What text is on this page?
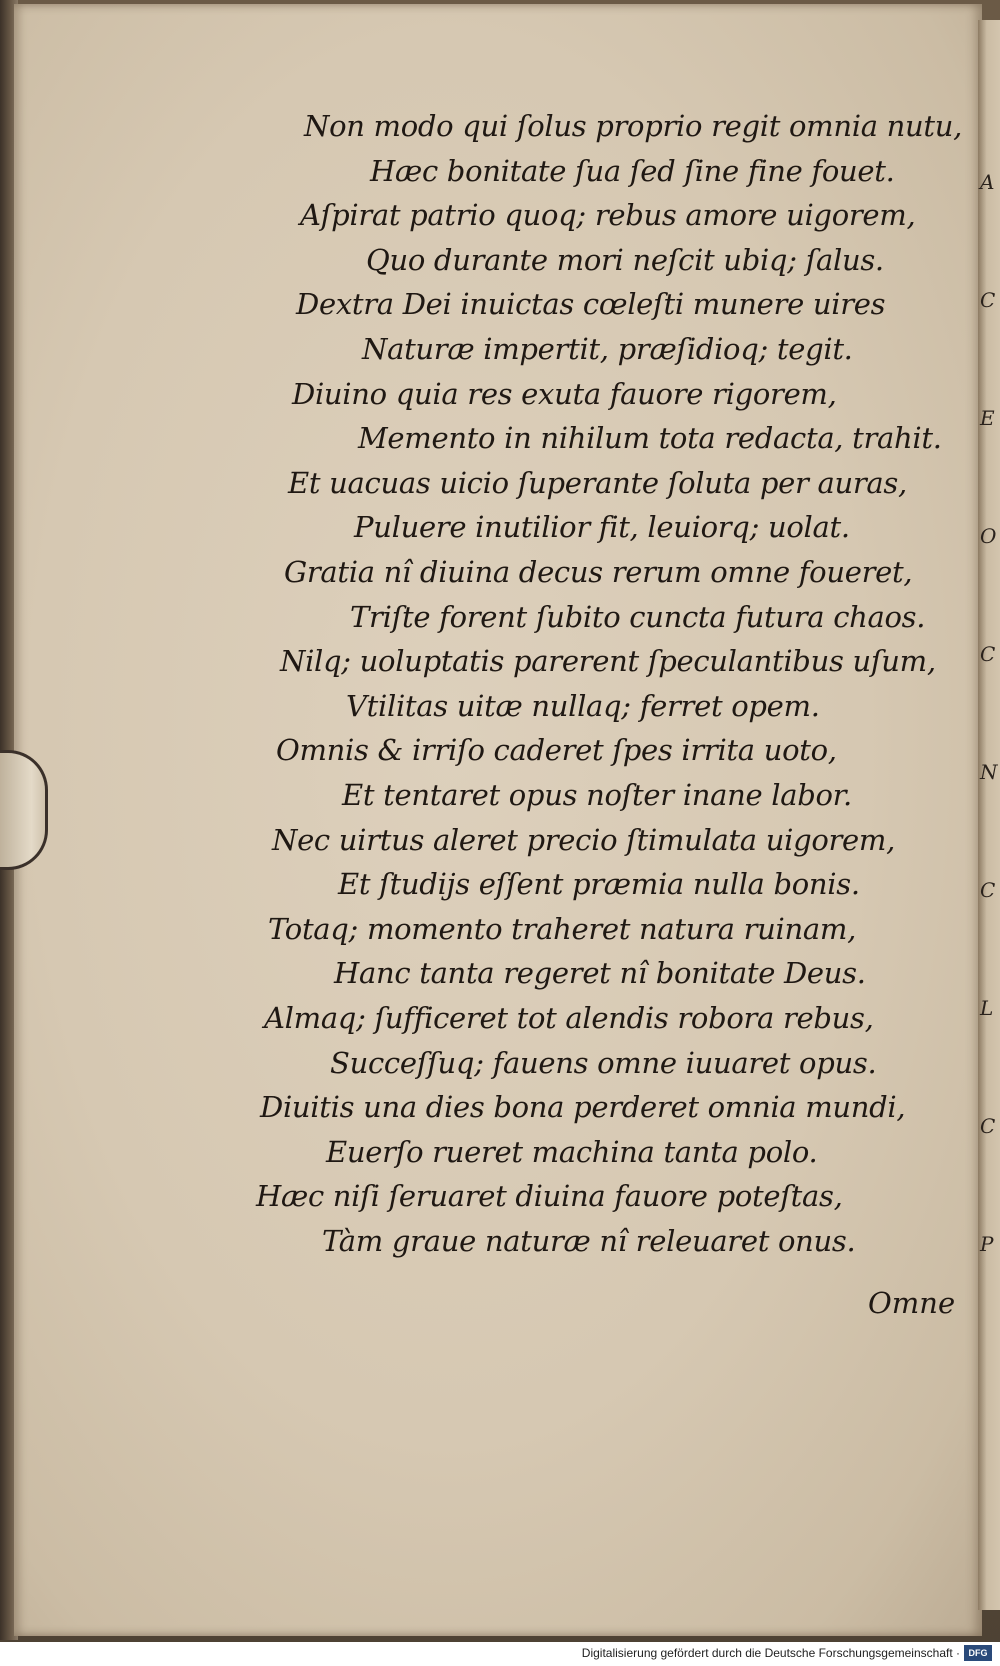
A
C
E
O
C
N
C
L
C
P
Non modo qui ſolus proprio regit omnia nutu,
Hæc bonitate ſua ſed ſine fine fouet.
Aſpirat patrio quoq; rebus amore uigorem,
Quo durante mori neſcit ubiq; ſalus.
Dextra Dei inuictas cœleſti munere uires
Naturæ impertit, præſidioq; tegit.
Diuino quia res exuta fauore rigorem,
Memento in nihilum tota redacta, trahit.
Et uacuas uicio ſuperante ſoluta per auras,
Puluere inutilior fit, leuiorq; uolat.
Gratia nî diuina decus rerum omne foueret,
Triſte forent ſubito cuncta futura chaos.
Nilq; uoluptatis parerent ſpeculantibus uſum,
Vtilitas uitæ nullaq; ferret opem.
Omnis & irriſo caderet ſpes irrita uoto,
Et tentaret opus noſter inane labor.
Nec uirtus aleret precio ſtimulata uigorem,
Et ſtudijs eſſent præmia nulla bonis.
Totaq; momento traheret natura ruinam,
Hanc tanta regeret nî bonitate Deus.
Almaq; ſufficeret tot alendis robora rebus,
Succeſſuq; fauens omne iuuaret opus.
Diuitis una dies bona perderet omnia mundi,
Euerſo rueret machina tanta polo.
Hæc niſi ſeruaret diuina fauore poteſtas,
Tàm graue naturæ nî releuaret onus.
Omne
Digitalisierung gefördert durch die Deutsche Forschungsgemeinschaft · DFG
